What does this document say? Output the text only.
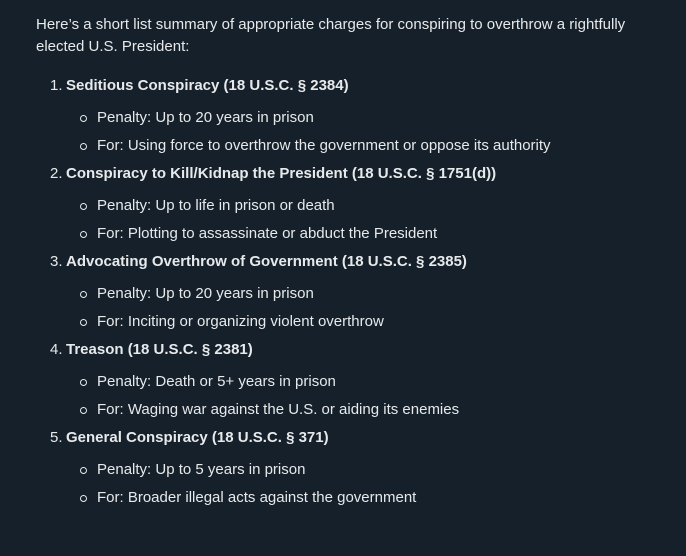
Here’s a short list summary of appropriate charges for conspiring to overthrow a rightfully elected U.S. President:

1. Seditious Conspiracy (18 U.S.C. § 2384)
Penalty: Up to 20 years in prison
For: Using force to overthrow the government or oppose its authority
2. Conspiracy to Kill/Kidnap the President (18 U.S.C. § 1751(d))
Penalty: Up to life in prison or death
For: Plotting to assassinate or abduct the President
3. Advocating Overthrow of Government (18 U.S.C. § 2385)
Penalty: Up to 20 years in prison
For: Inciting or organizing violent overthrow
4. Treason (18 U.S.C. § 2381)
Penalty: Death or 5+ years in prison
For: Waging war against the U.S. or aiding its enemies
5. General Conspiracy (18 U.S.C. § 371)
Penalty: Up to 5 years in prison
For: Broader illegal acts against the government
